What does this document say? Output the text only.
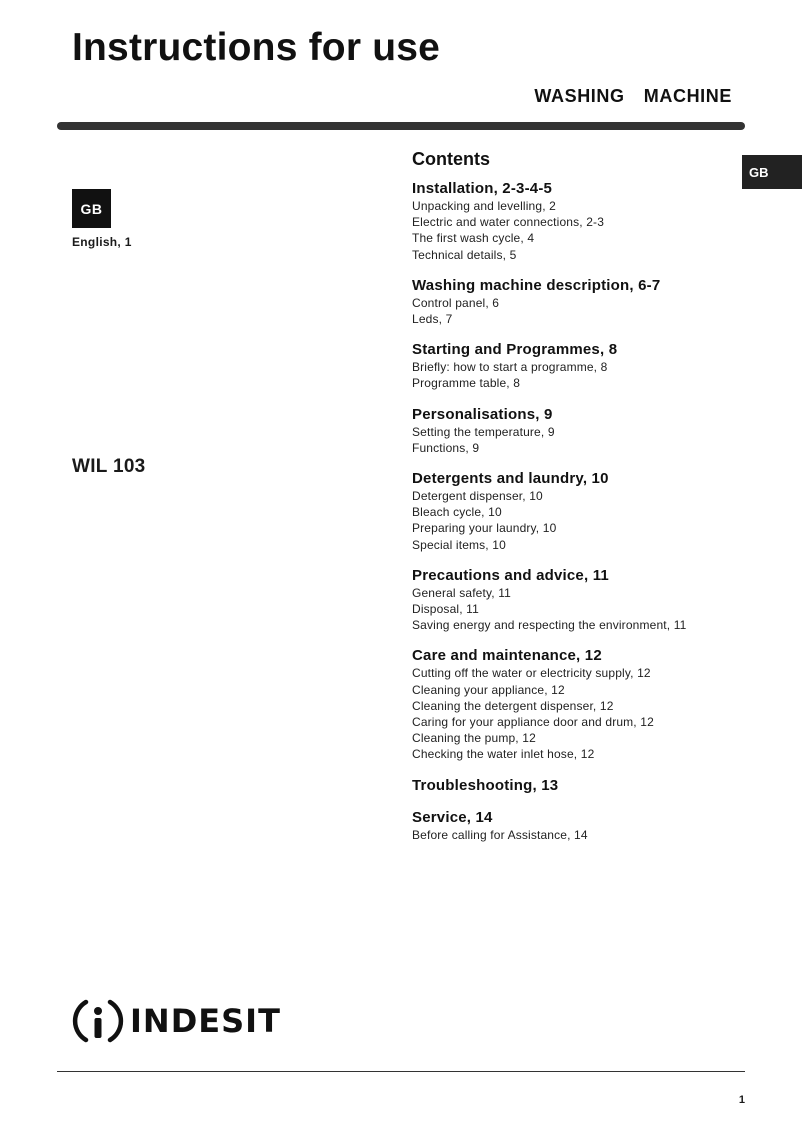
Instructions for use
WASHING  MACHINE
GB
English, 1
WIL 103
GB
Contents
Installation, 2-3-4-5
Unpacking and levelling, 2
Electric and water connections, 2-3
The first wash cycle, 4
Technical details, 5
Washing machine description, 6-7
Control panel, 6
Leds, 7
Starting and Programmes, 8
Briefly: how to start a programme, 8
Programme table, 8
Personalisations, 9
Setting the temperature, 9
Functions, 9
Detergents and laundry, 10
Detergent dispenser, 10
Bleach cycle, 10
Preparing your laundry, 10
Special items, 10
Precautions and advice, 11
General safety, 11
Disposal, 11
Saving energy and respecting the environment, 11
Care and maintenance, 12
Cutting off the water or electricity supply, 12
Cleaning your appliance, 12
Cleaning the detergent dispenser, 12
Caring for your appliance door and drum, 12
Cleaning the pump, 12
Checking the water inlet hose, 12
Troubleshooting, 13
Service, 14
Before calling for Assistance, 14
INDESIT
1
